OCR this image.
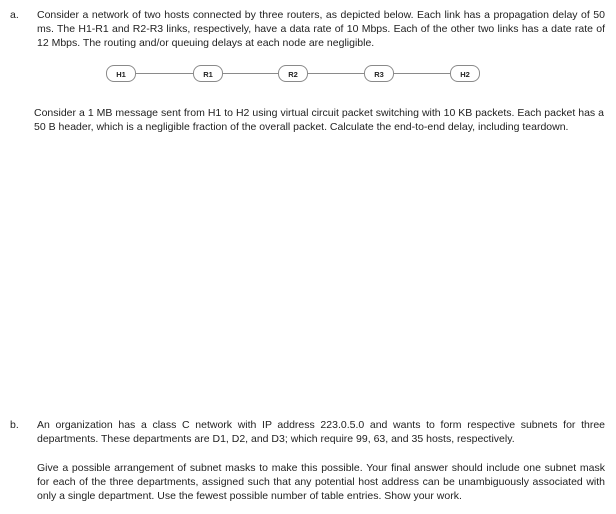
a. Consider a network of two hosts connected by three routers, as depicted below. Each link has a propagation delay of 50 ms. The H1-R1 and R2-R3 links, respectively, have a data rate of 10 Mbps. Each of the other two links has a date rate of 12 Mbps. The routing and/or queuing delays at each node are negligible.

H1	R1	R2	R3	H2

Consider a 1 MB message sent from H1 to H2 using virtual circuit packet switching with 10 KB packets. Each packet has a 50 B header, which is a negligible fraction of the overall packet. Calculate the end-to-end delay, including teardown.

b. An organization has a class C network with IP address 223.0.5.0 and wants to form respective subnets for three departments. These departments are D1, D2, and D3; which require 99, 63, and 35 hosts, respectively.

Give a possible arrangement of subnet masks to make this possible. Your final answer should include one subnet mask for each of the three departments, assigned such that any potential host address can be unambiguously associated with only a single department. Use the fewest possible number of table entries. Show your work.
